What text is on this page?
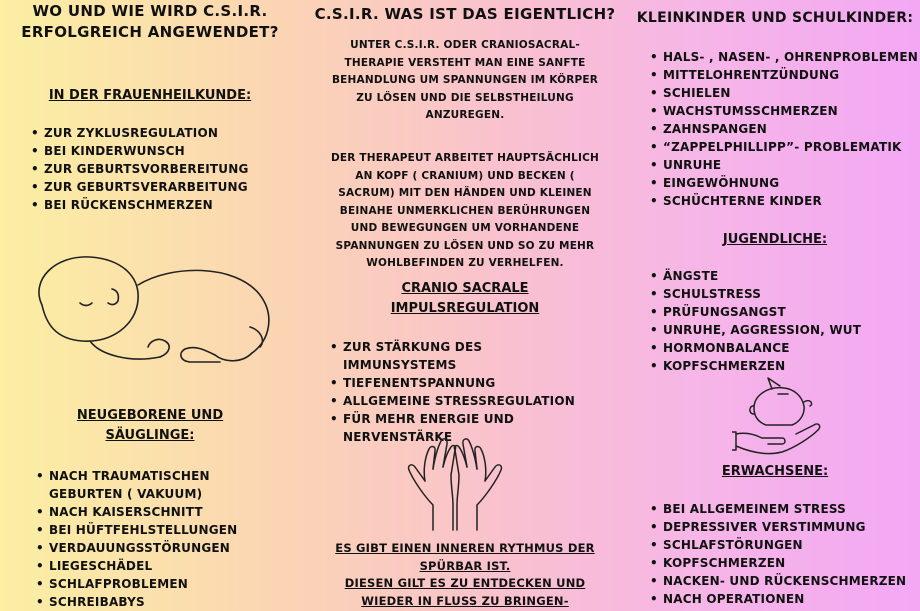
WO UND WIE WIRD C.S.I.R.
ERFOLGREICH ANGEWENDET?
IN DER FRAUENHEILKUNDE:
• ZUR ZYKLUSREGULATION
• BEI KINDERWUNSCH
• ZUR GEBURTSVORBEREITUNG
• ZUR GEBURTSVERARBEITUNG
• BEI RÜCKENSCHMERZEN
NEUGEBORENE UND
SÄUGLINGE:
• NACH TRAUMATISCHEN GEBURTEN ( VAKUUM)
• NACH KAISERSCHNITT
• BEI HÜFTFEHLSTELLUNGEN
• VERDAUUNGSSTÖRUNGEN
• LIEGESCHÄDEL
• SCHLAFPROBLEMEN
• SCHREIBABYS
C.S.I.R. WAS IST DAS EIGENTLICH?

UNTER C.S.I.R. ODER CRANIOSACRAL-
THERAPIE VERSTEHT MAN EINE SANFTE
BEHANDLUNG UM SPANNUNGEN IM KÖRPER
ZU LÖSEN UND DIE SELBSTHEILUNG
ANZUREGEN.

DER THERAPEUT ARBEITET HAUPTSÄCHLICH
AN KOPF ( CRANIUM) UND BECKEN (
SACRUM) MIT DEN HÄNDEN UND KLEINEN
BEINAHE UNMERKLICHEN BERÜHRUNGEN
UND BEWEGUNGEN UM VORHANDENE
SPANNUNGEN ZU LÖSEN UND SO ZU MEHR
WOHLBEFINDEN ZU VERHELFEN.

CRANIO SACRALE
IMPULSREGULATION
• ZUR STÄRKUNG DES IMMUNSYSTEMS
• TIEFENENTSPANNUNG
• ALLGEMEINE STRESSREGULATION
• FÜR MEHR ENERGIE UND NERVENSTÄRKE

ES GIBT EINEN INNEREN RYTHMUS DER
SPÜRBAR IST.
DIESEN GILT ES ZU ENTDECKEN UND
WIEDER IN FLUSS ZU BRINGEN-

KLEINKINDER UND SCHULKINDER:
• HALS- , NASEN- , OHRENPROBLEMEN
• MITTELOHRENTZÜNDUNG
• SCHIELEN
• WACHSTUMSSCHMERZEN
• ZAHNSPANGEN
• “ZAPPELPHILLIPP”- PROBLEMATIK
• UNRUHE
• EINGEWÖHNUNG
• SCHÜCHTERNE KINDER
JUGENDLICHE:
• ÄNGSTE
• SCHULSTRESS
• PRÜFUNGSANGST
• UNRUHE, AGGRESSION, WUT
• HORMONBALANCE
• KOPFSCHMERZEN
ERWACHSENE:
• BEI ALLGEMEINEM STRESS
• DEPRESSIVER VERSTIMMUNG
• SCHLAFSTÖRUNGEN
• KOPFSCHMERZEN
• NACKEN- UND RÜCKENSCHMERZEN
• NACH OPERATIONEN
